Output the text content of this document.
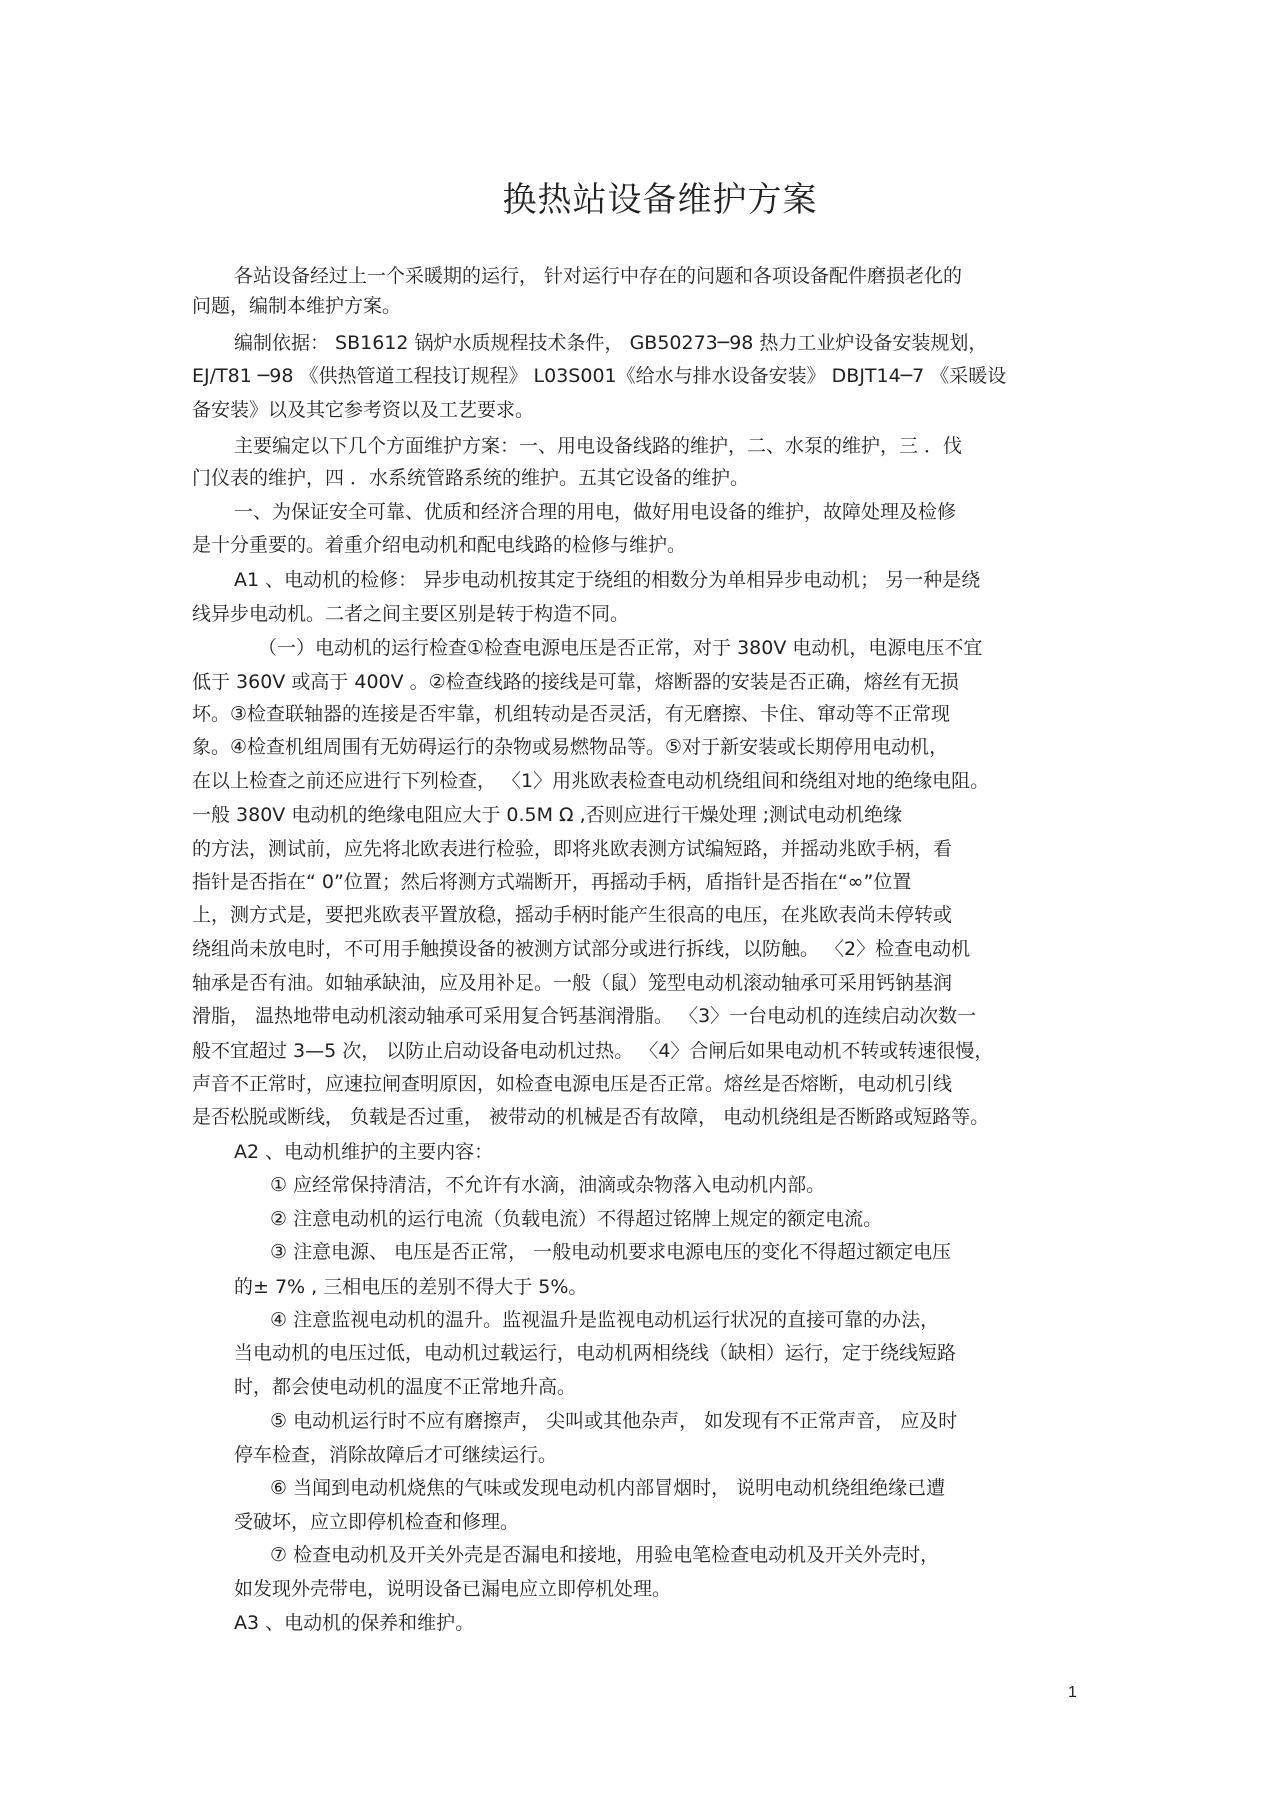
换热站设备维护方案
各站设备经过上一个采暖期的运行， 针对运行中存在的问题和各项设备配件磨损老化的
问题，编制本维护方案。
编制依据： SB1612 锅炉水质规程技术条件， GB50273─98 热力工业炉设备安装规划，
EJ/T81 ─98 《供热管道工程技订规程》 L03S001《给水与排水设备安装》 DBJT14─7 《采暖设
备安装》以及其它参考资以及工艺要求。
主要编定以下几个方面维护方案：一、用电设备线路的维护，二、水泵的维护，三 ．伐
门仪表的维护，四 ．水系统管路系统的维护。五其它设备的维护。
一、为保证安全可靠、优质和经济合理的用电，做好用电设备的维护，故障处理及检修
是十分重要的。着重介绍电动机和配电线路的检修与维护。
A1 、电动机的检修： 异步电动机按其定于绕组的相数分为单相异步电动机； 另一种是绕
线异步电动机。二者之间主要区别是转于构造不同。
（一）电动机的运行检查①检查电源电压是否正常，对于 380V 电动机，电源电压不宜
低于 360V 或高于 400V 。②检查线路的接线是可靠，熔断器的安装是否正确，熔丝有无损
坏。③检查联轴器的连接是否牢靠，机组转动是否灵活，有无磨擦、卡住、窜动等不正常现
象。④检查机组周围有无妨碍运行的杂物或易燃物品等。⑤对于新安装或长期停用电动机，
在以上检查之前还应进行下列检查， 〈1〉用兆欧表检查电动机绕组间和绕组对地的绝缘电阻。
一般 380V 电动机的绝缘电阻应大于 0.5M Ω ,否则应进行干燥处理 ;测试电动机绝缘
的方法，测试前，应先将北欧表进行检验，即将兆欧表测方试编短路，并摇动兆欧手柄，看
指针是否指在“ 0”位置；然后将测方式端断开，再摇动手柄，盾指针是否指在“∞”位置
上，测方式是，要把兆欧表平置放稳，摇动手柄时能产生很高的电压，在兆欧表尚未停转或
绕组尚未放电时，不可用手触摸设备的被测方试部分或进行拆线，以防触。 〈2〉检查电动机
轴承是否有油。如轴承缺油，应及用补足。一般（鼠）笼型电动机滚动轴承可采用钙钠基润
滑脂， 温热地带电动机滚动轴承可采用复合钙基润滑脂。 〈3〉一台电动机的连续启动次数一
般不宜超过 3—5 次， 以防止启动设备电动机过热。 〈4〉合闸后如果电动机不转或转速很慢，
声音不正常时，应速拉闸查明原因，如检查电源电压是否正常。熔丝是否熔断，电动机引线
是否松脱或断线， 负载是否过重， 被带动的机械是否有故障， 电动机绕组是否断路或短路等。
A2 、电动机维护的主要内容：
① 应经常保持清洁，不允许有水滴，油滴或杂物落入电动机内部。
② 注意电动机的运行电流（负载电流）不得超过铭牌上规定的额定电流。
③ 注意电源、 电压是否正常， 一般电动机要求电源电压的变化不得超过额定电压
的± 7% , 三相电压的差别不得大于 5%。
④ 注意监视电动机的温升。监视温升是监视电动机运行状况的直接可靠的办法，
当电动机的电压过低，电动机过载运行，电动机两相绕线（缺相）运行，定于绕线短路
时，都会使电动机的温度不正常地升高。
⑤ 电动机运行时不应有磨擦声， 尖叫或其他杂声， 如发现有不正常声音， 应及时
停车检查，消除故障后才可继续运行。
⑥ 当闻到电动机烧焦的气味或发现电动机内部冒烟时， 说明电动机绕组绝缘已遭
受破坏，应立即停机检查和修理。
⑦ 检查电动机及开关外壳是否漏电和接地，用验电笔检查电动机及开关外壳时，
如发现外壳带电，说明设备已漏电应立即停机处理。
A3 、电动机的保养和维护。
1
